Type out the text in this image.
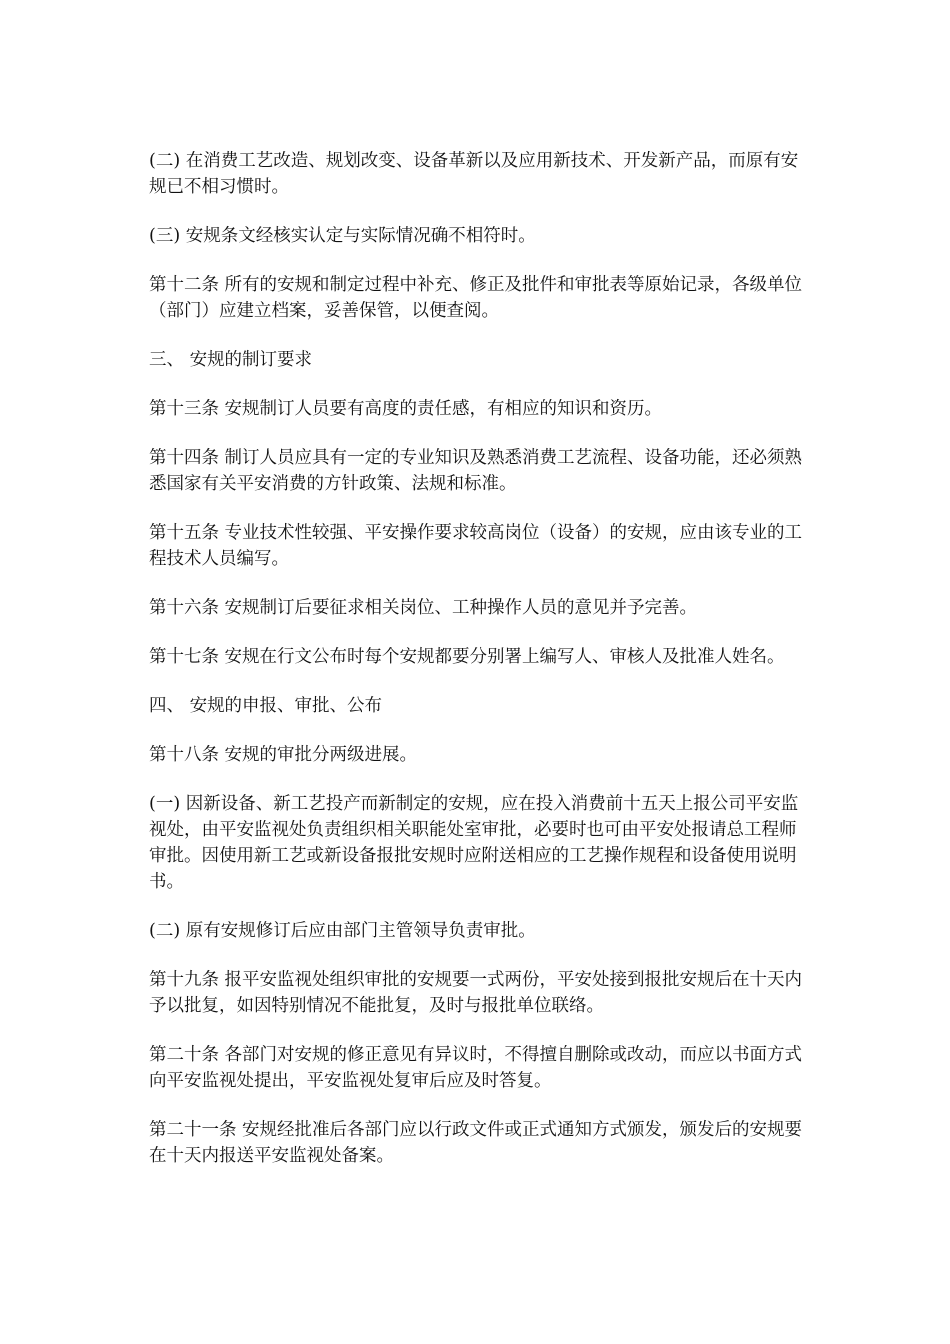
(二) 在消费工艺改造、规划改变、设备革新以及应用新技术、开发新产品，而原有安规已不相习惯时。

(三) 安规条文经核实认定与实际情况确不相符时。

第十二条 所有的安规和制定过程中补充、修正及批件和审批表等原始记录，各级单位（部门）应建立档案，妥善保管，以便查阅。

三、 安规的制订要求

第十三条 安规制订人员要有高度的责任感，有相应的知识和资历。

第十四条 制订人员应具有一定的专业知识及熟悉消费工艺流程、设备功能，还必须熟悉国家有关平安消费的方针政策、法规和标准。

第十五条 专业技术性较强、平安操作要求较高岗位（设备）的安规，应由该专业的工程技术人员编写。

第十六条 安规制订后要征求相关岗位、工种操作人员的意见并予完善。

第十七条 安规在行文公布时每个安规都要分别署上编写人、审核人及批准人姓名。

四、 安规的申报、审批、公布

第十八条 安规的审批分两级进展。

(一) 因新设备、新工艺投产而新制定的安规，应在投入消费前十五天上报公司平安监视处，由平安监视处负责组织相关职能处室审批，必要时也可由平安处报请总工程师审批。因使用新工艺或新设备报批安规时应附送相应的工艺操作规程和设备使用说明书。

(二) 原有安规修订后应由部门主管领导负责审批。

第十九条 报平安监视处组织审批的安规要一式两份，平安处接到报批安规后在十天内予以批复，如因特别情况不能批复，及时与报批单位联络。

第二十条 各部门对安规的修正意见有异议时，不得擅自删除或改动，而应以书面方式向平安监视处提出，平安监视处复审后应及时答复。

第二十一条 安规经批准后各部门应以行政文件或正式通知方式颁发，颁发后的安规要在十天内报送平安监视处备案。
